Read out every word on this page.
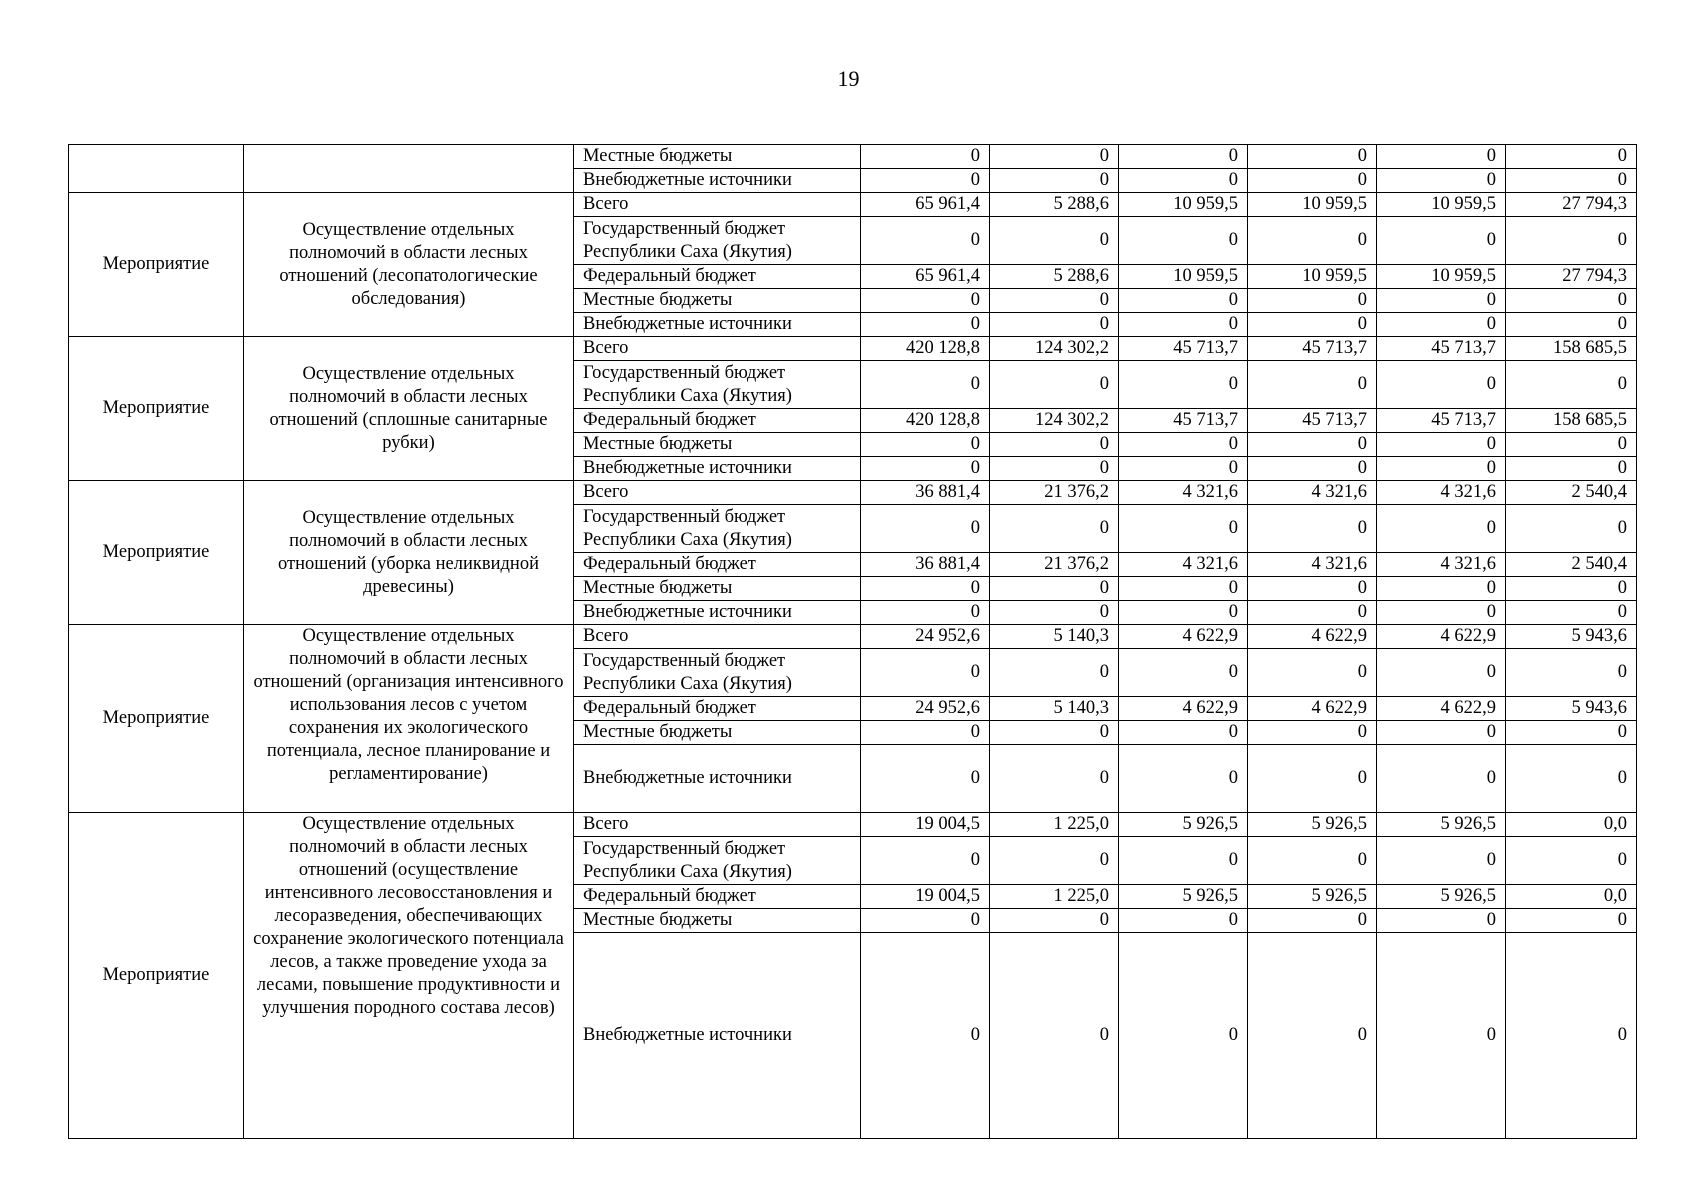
19
		Местные бюджеты	0	0	0	0	0	0
		Внебюджетные источники	0	0	0	0	0	0
Мероприятие	Осуществление отдельных полномочий в области лесных отношений (лесопатологические обследования)	Всего	65 961,4	5 288,6	10 959,5	10 959,5	10 959,5	27 794,3
		Государственный бюджет Республики Саха (Якутия)	0	0	0	0	0	0
		Федеральный бюджет	65 961,4	5 288,6	10 959,5	10 959,5	10 959,5	27 794,3
		Местные бюджеты	0	0	0	0	0	0
		Внебюджетные источники	0	0	0	0	0	0
Мероприятие	Осуществление отдельных полномочий в области лесных отношений (сплошные санитарные рубки)	Всего	420 128,8	124 302,2	45 713,7	45 713,7	45 713,7	158 685,5
		Государственный бюджет Республики Саха (Якутия)	0	0	0	0	0	0
		Федеральный бюджет	420 128,8	124 302,2	45 713,7	45 713,7	45 713,7	158 685,5
		Местные бюджеты	0	0	0	0	0	0
		Внебюджетные источники	0	0	0	0	0	0
Мероприятие	Осуществление отдельных полномочий в области лесных отношений (уборка неликвидной древесины)	Всего	36 881,4	21 376,2	4 321,6	4 321,6	4 321,6	2 540,4
		Государственный бюджет Республики Саха (Якутия)	0	0	0	0	0	0
		Федеральный бюджет	36 881,4	21 376,2	4 321,6	4 321,6	4 321,6	2 540,4
		Местные бюджеты	0	0	0	0	0	0
		Внебюджетные источники	0	0	0	0	0	0
Мероприятие	Осуществление отдельных полномочий в области лесных отношений (организация интенсивного использования лесов с учетом сохранения их экологического потенциала, лесное планирование и регламентирование)	Всего	24 952,6	5 140,3	4 622,9	4 622,9	4 622,9	5 943,6
		Государственный бюджет Республики Саха (Якутия)	0	0	0	0	0	0
		Федеральный бюджет	24 952,6	5 140,3	4 622,9	4 622,9	4 622,9	5 943,6
		Местные бюджеты	0	0	0	0	0	0
		Внебюджетные источники	0	0	0	0	0	0
Мероприятие	Осуществление отдельных полномочий в области лесных отношений (осуществление интенсивного лесовосстановления и лесоразведения, обеспечивающих сохранение экологического потенциала лесов, а также проведение ухода за лесами, повышение продуктивности и улучшения породного состава лесов)	Всего	19 004,5	1 225,0	5 926,5	5 926,5	5 926,5	0,0
		Государственный бюджет Республики Саха (Якутия)	0	0	0	0	0	0
		Федеральный бюджет	19 004,5	1 225,0	5 926,5	5 926,5	5 926,5	0,0
		Местные бюджеты	0	0	0	0	0	0
		Внебюджетные источники	0	0	0	0	0	0
